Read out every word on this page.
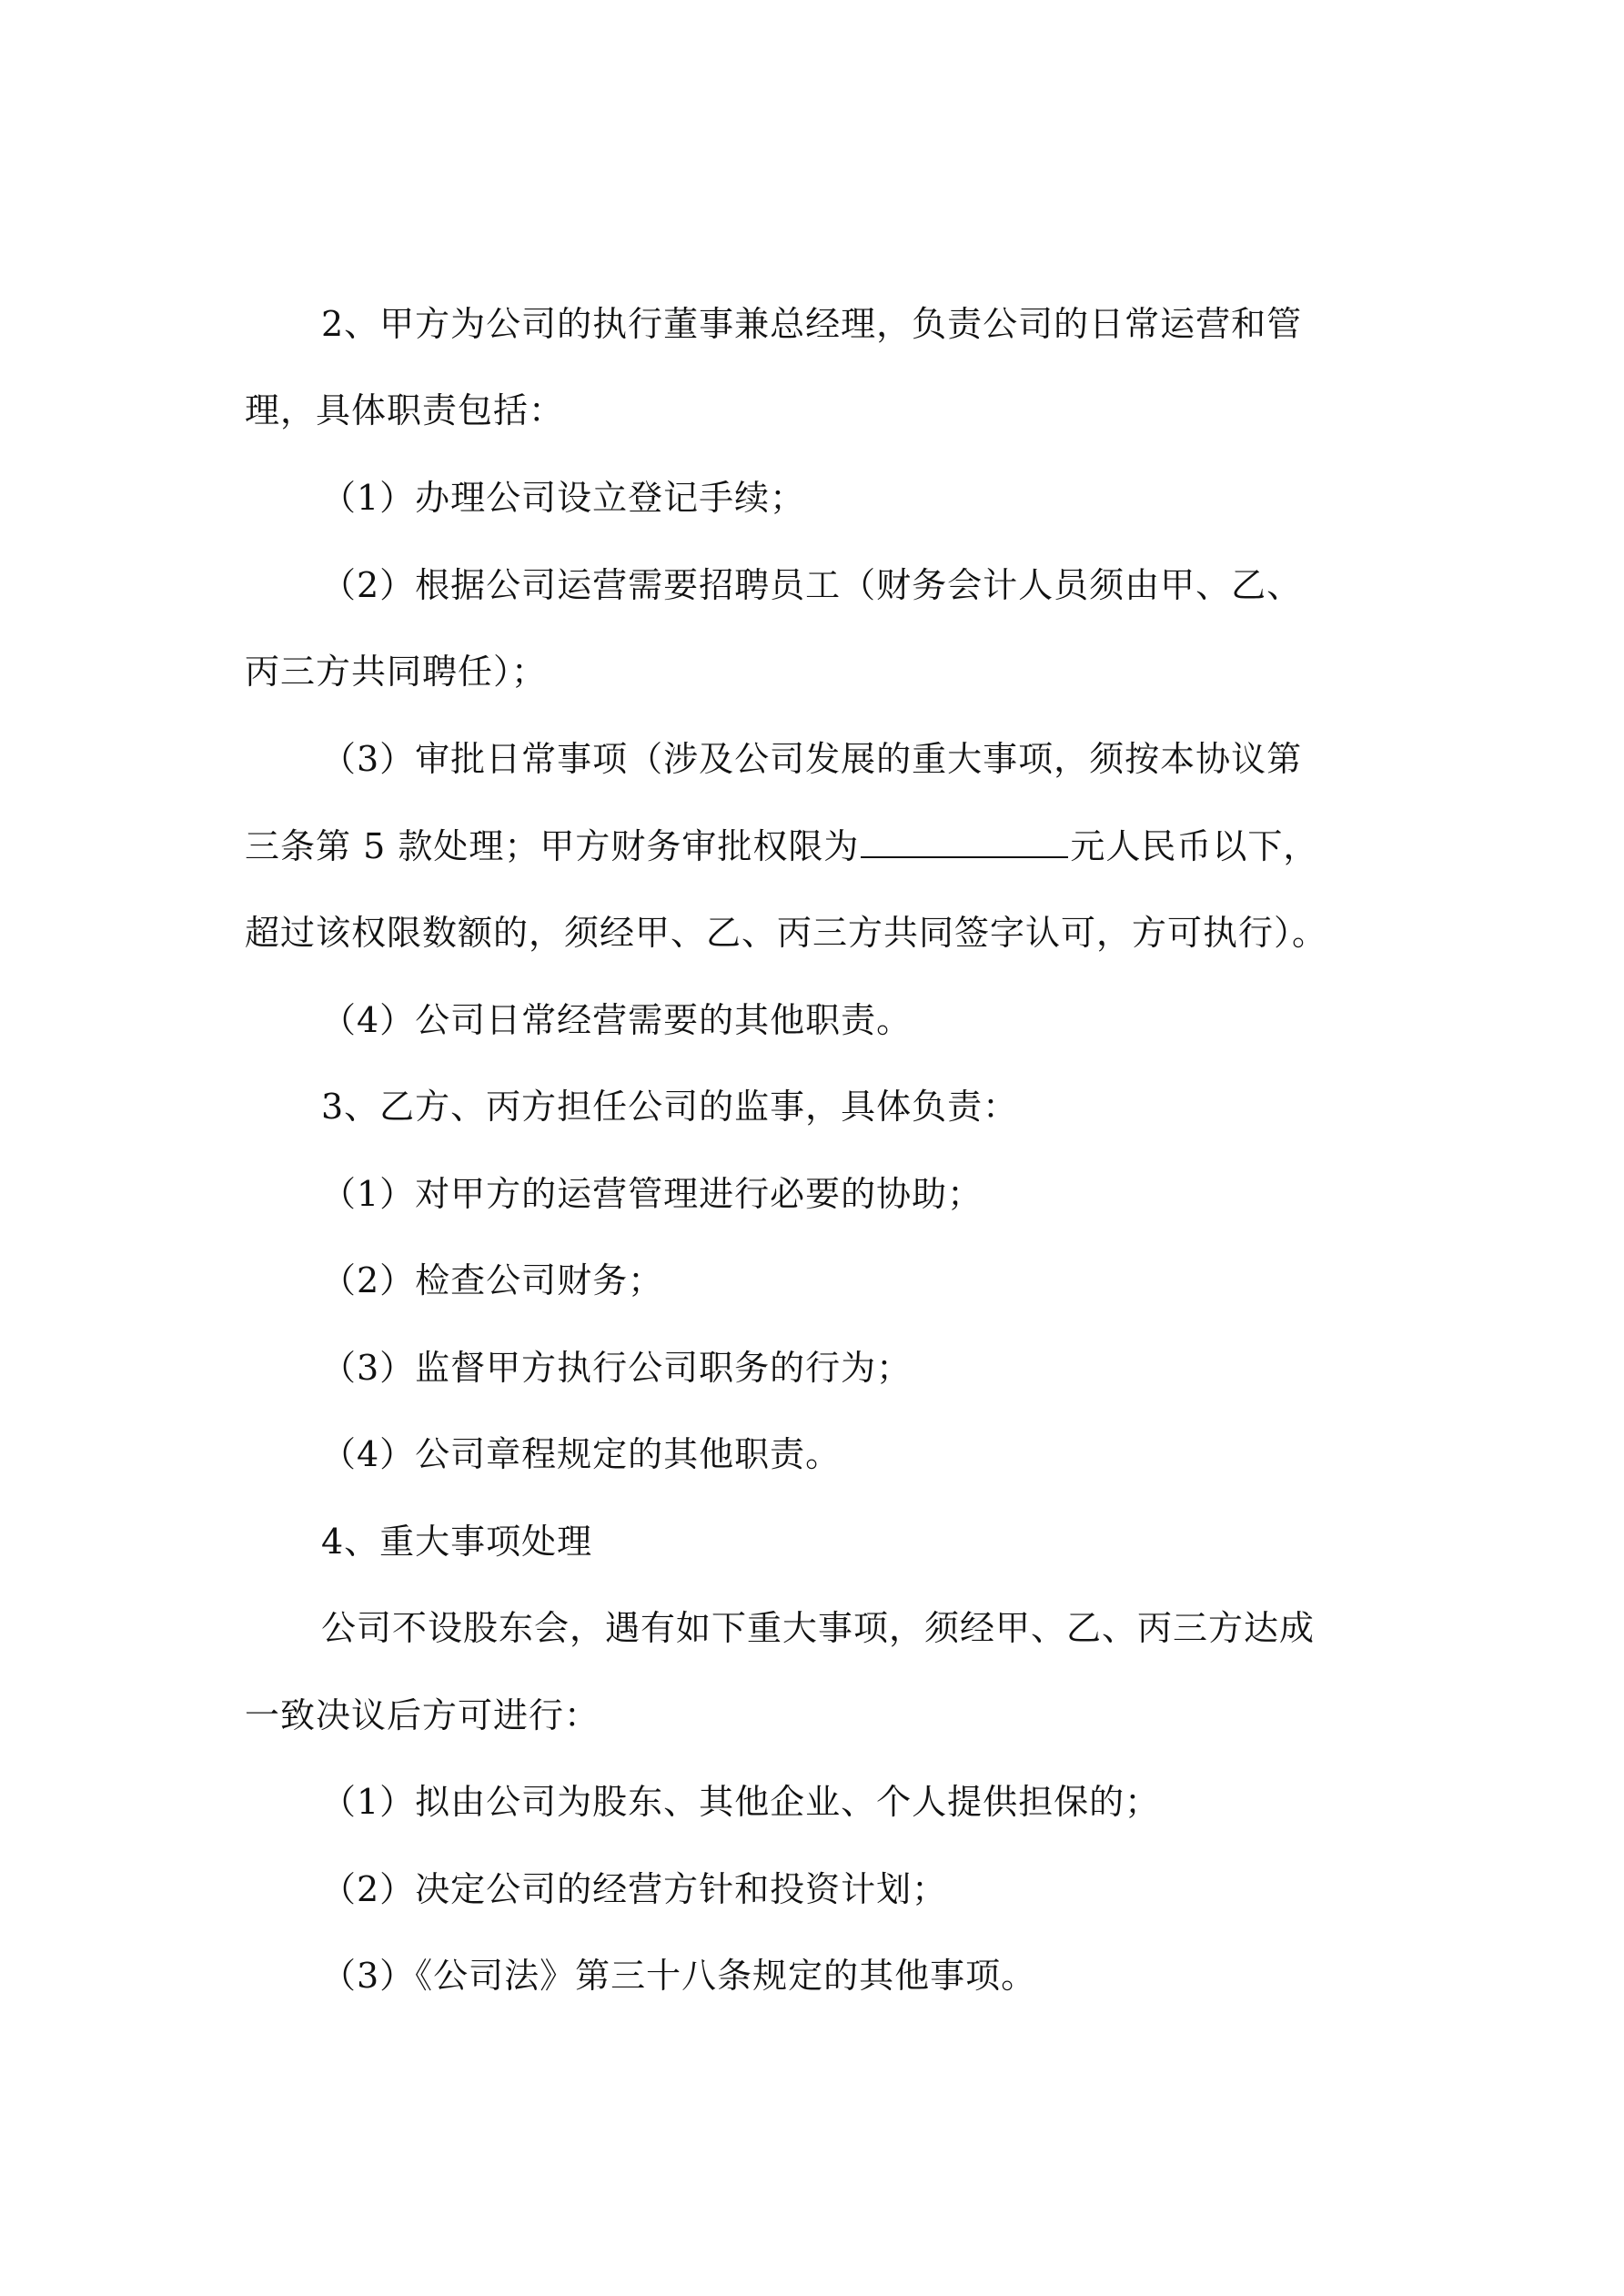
2、甲方为公司的执行董事兼总经理，负责公司的日常运营和管
理，具体职责包括：
（1）办理公司设立登记手续；
（2）根据公司运营需要招聘员工（财务会计人员须由甲、乙、
丙三方共同聘任）；
（3）审批日常事项（涉及公司发展的重大事项，须按本协议第
三条第 5 款处理；甲方财务审批权限为	元人民币以下，
超过该权限数额的，须经甲、乙、丙三方共同签字认可，方可执行）。
（4）公司日常经营需要的其他职责。
3、乙方、丙方担任公司的监事，具体负责：
（1）对甲方的运营管理进行必要的协助；
（2）检查公司财务；
（3）监督甲方执行公司职务的行为；
（4）公司章程规定的其他职责。
4、重大事项处理
公司不设股东会，遇有如下重大事项，须经甲、乙、丙三方达成
一致决议后方可进行：
（1）拟由公司为股东、其他企业、个人提供担保的；
（2）决定公司的经营方针和投资计划；
（3）《公司法》第三十八条规定的其他事项。
